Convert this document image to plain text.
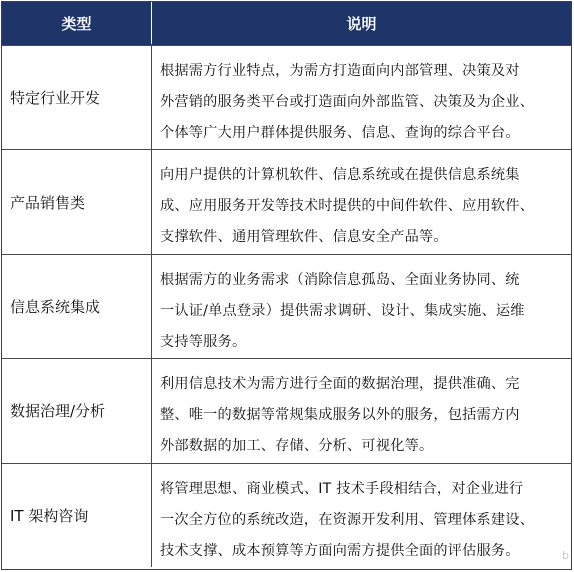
类型	说明
特定行业开发
根据需方行业特点，为需方打造面向内部管理、决策及对
外营销的服务类平台或打造面向外部监管、决策及为企业、
个体等广大用户群体提供服务、信息、查询的综合平台。
产品销售类
向用户提供的计算机软件、信息系统或在提供信息系统集
成、应用服务开发等技术时提供的中间件软件、应用软件、
支撑软件、通用管理软件、信息安全产品等。
信息系统集成
根据需方的业务需求（消除信息孤岛、全面业务协同、统
一认证/单点登录）提供需求调研、设计、集成实施、运维
支持等服务。
数据治理/分析
利用信息技术为需方进行全面的数据治理，提供准确、完
整、唯一的数据等常规集成服务以外的服务，包括需方内
外部数据的加工、存储、分析、可视化等。
IT 架构咨询
将管理思想、商业模式、IT 技术手段相结合，对企业进行
一次全方位的系统改造，在资源开发利用、管理体系建设、
技术支撑、成本预算等方面向需方提供全面的评估服务。	b
